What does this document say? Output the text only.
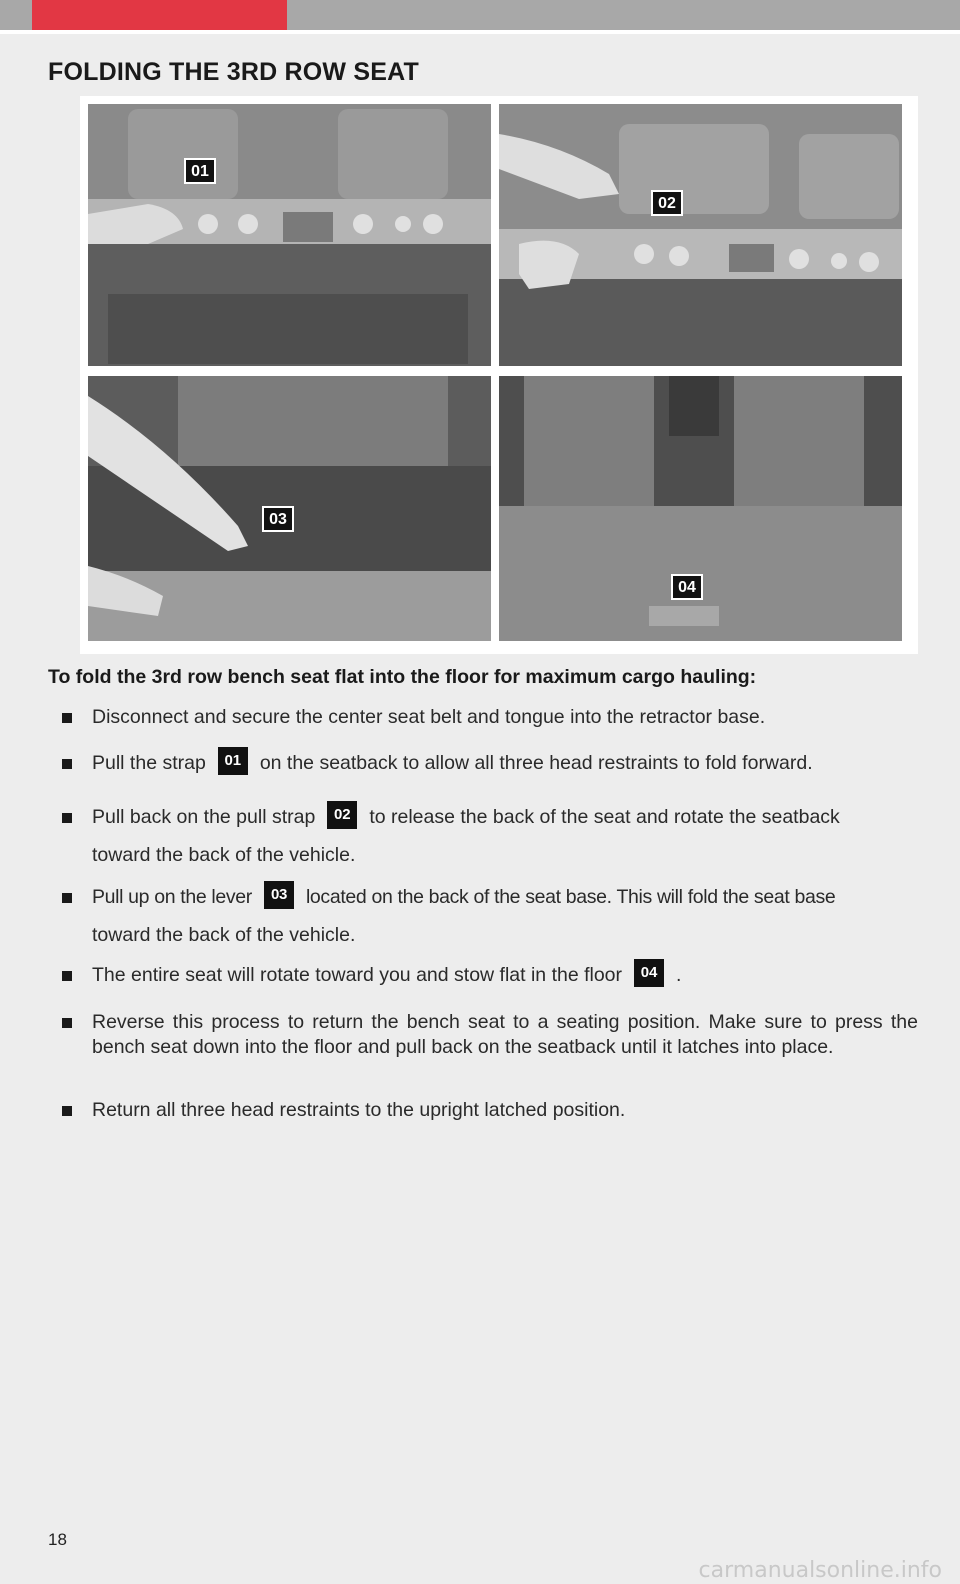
FOLDING THE 3RD ROW SEAT
01
02
03
04
To fold the 3rd row bench seat flat into the floor for maximum cargo hauling:
Disconnect and secure the center seat belt and tongue into the retractor base.
Pull the strap 01 on the seatback to allow all three head restraints to fold forward.
Pull back on the pull strap 02 to release the back of the seat and rotate the seatback
toward the back of the vehicle.
Pull up on the lever 03 located on the back of the seat base. This will fold the seat base
toward the back of the vehicle.
The entire seat will rotate toward you and stow flat in the floor 04 .
Reverse this process to return the bench seat to a seating position. Make sure to press the bench seat down into the floor and pull back on the seatback until it latches into place.
Return all three head restraints to the upright latched position.
18
carmanualsonline.info
